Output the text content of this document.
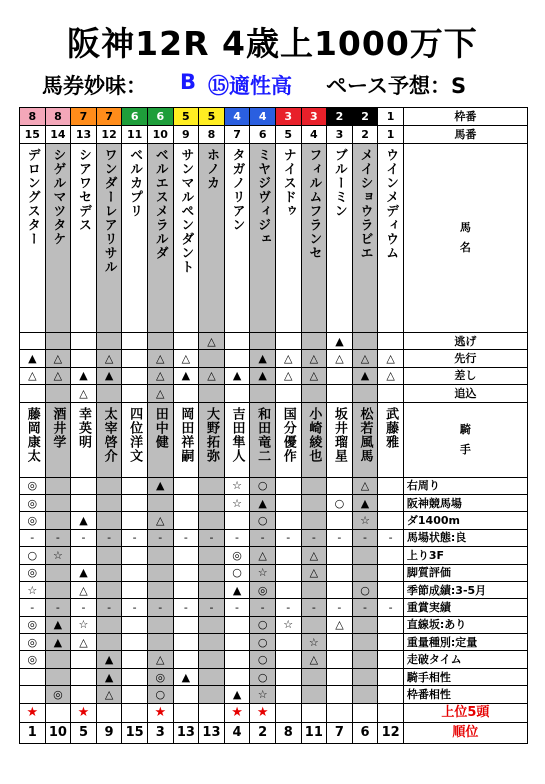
阪神12R 4歳上1000万下
馬券妙味： B ⑮適性高 ペース予想：S
8	8	7	7	6	6	5	5	4	4	3	3	2	2	1	枠番
15	14	13	12	11	10	9	8	7	6	5	4	3	2	1	馬番
デロングスター	シゲルマツタケ	シアワセデス	ワンダーレアリサル	ベルカプリ	ベルエスメラルダ	サンマルペンダント	ホノカ	タガノリアン	ミヤジヴィジェ	ナイスドゥ	フィルムフランセ	ブルーミン	メイショウラビエ	ウインメディウム	馬
名
							△					▲			逃げ
▲	△		△		△	△			▲	△	△	△	△	△	先行
△	△	▲	▲		△	▲	△	▲	▲	△	△		▲	△	差し
		△			△										追込
藤岡康太	酒井学	幸英明	太宰啓介	四位洋文	田中健	岡田祥嗣	大野拓弥	吉田隼人	和田竜二	国分優作	小崎綾也	坂井瑠星	松若風馬	武藤雅	騎
手
◎					▲			☆	○				△		右周り
◎								☆	▲			○	▲		阪神競馬場
◎		▲			△				○				☆		ダ1400m
-	-	-	-	-	-	-	-	-	-	-	-	-	-	-	馬場状態:良
○	☆							◎	△		△				上り3F
◎		▲						○	☆		△				脚質評価
☆		△						▲	◎				○		季節成績:3-5月
-	-	-	-	-	-	-	-	-	-	-	-	-	-	-	重賞実績
◎	▲	☆							○	☆		△			直線坂:あり
◎	▲	△							○		☆				重量種別:定量
◎			▲		△				○		△				走破タイム
			▲		◎	▲			○						騎手相性
	◎		△		○			▲	☆						枠番相性
★		★			★			★	★						上位5頭
1	10	5	9	15	3	13	13	4	2	8	11	7	6	12	順位
